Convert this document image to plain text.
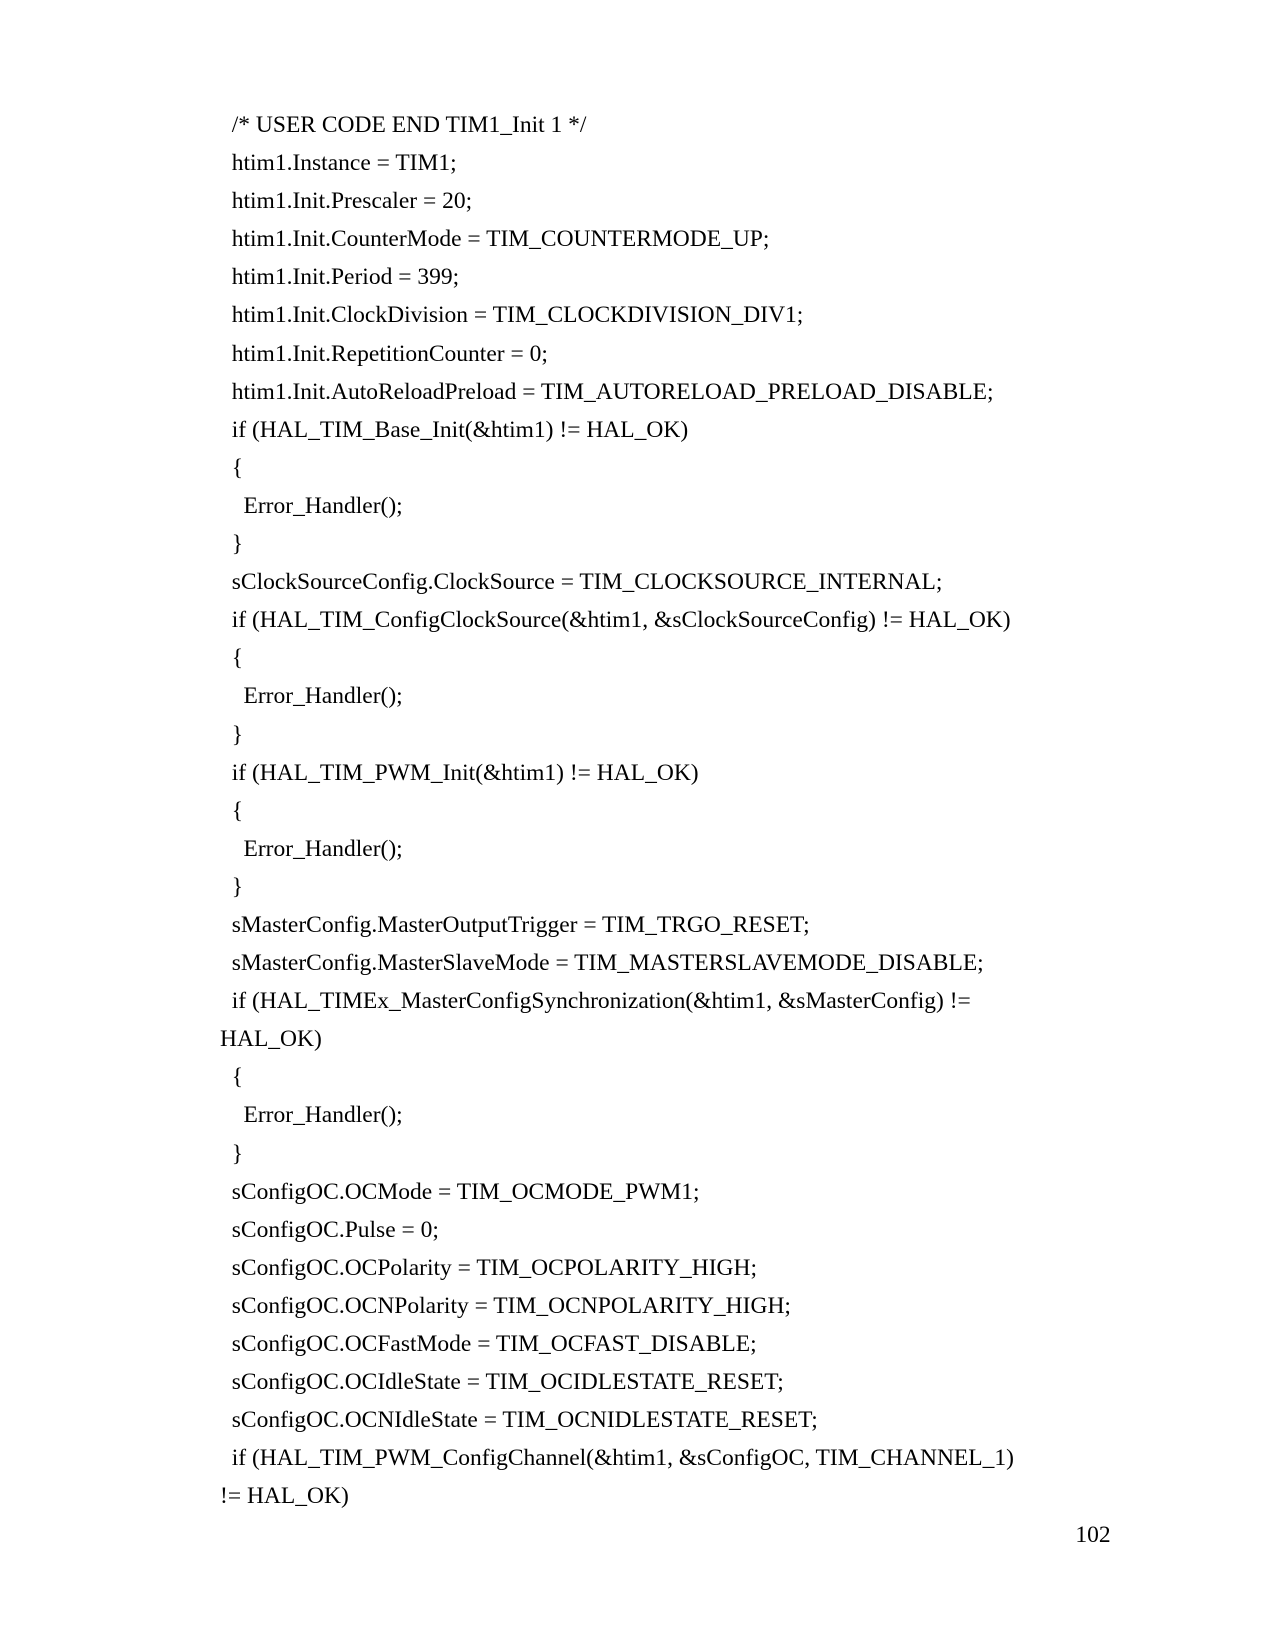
/* USER CODE END TIM1_Init 1 */
htim1.Instance = TIM1;
htim1.Init.Prescaler = 20;
htim1.Init.CounterMode = TIM_COUNTERMODE_UP;
htim1.Init.Period = 399;
htim1.Init.ClockDivision = TIM_CLOCKDIVISION_DIV1;
htim1.Init.RepetitionCounter = 0;
htim1.Init.AutoReloadPreload = TIM_AUTORELOAD_PRELOAD_DISABLE;
if (HAL_TIM_Base_Init(&htim1) != HAL_OK)
{
Error_Handler();
}
sClockSourceConfig.ClockSource = TIM_CLOCKSOURCE_INTERNAL;
if (HAL_TIM_ConfigClockSource(&htim1, &sClockSourceConfig) != HAL_OK)
{
Error_Handler();
}
if (HAL_TIM_PWM_Init(&htim1) != HAL_OK)
{
Error_Handler();
}
sMasterConfig.MasterOutputTrigger = TIM_TRGO_RESET;
sMasterConfig.MasterSlaveMode = TIM_MASTERSLAVEMODE_DISABLE;
if (HAL_TIMEx_MasterConfigSynchronization(&htim1, &sMasterConfig) !=
HAL_OK)
{
Error_Handler();
}
sConfigOC.OCMode = TIM_OCMODE_PWM1;
sConfigOC.Pulse = 0;
sConfigOC.OCPolarity = TIM_OCPOLARITY_HIGH;
sConfigOC.OCNPolarity = TIM_OCNPOLARITY_HIGH;
sConfigOC.OCFastMode = TIM_OCFAST_DISABLE;
sConfigOC.OCIdleState = TIM_OCIDLESTATE_RESET;
sConfigOC.OCNIdleState = TIM_OCNIDLESTATE_RESET;
if (HAL_TIM_PWM_ConfigChannel(&htim1, &sConfigOC, TIM_CHANNEL_1)
!= HAL_OK)
102
